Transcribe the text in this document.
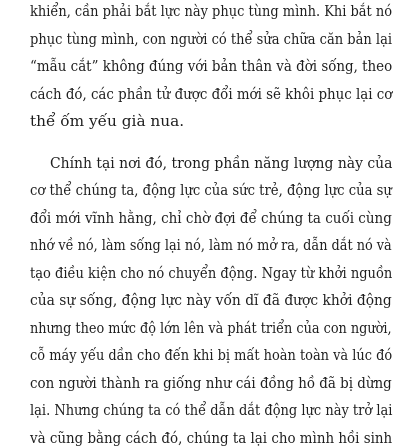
khiển, cần phải bắt lực này phục tùng mình. Khi bắt nó
phục tùng mình, con người có thể sửa chữa căn bản lại
“mẫu cắt” không đúng với bản thân và đời sống, theo
cách đó, các phần tử được đổi mới sẽ khôi phục lại cơ
thể ốm yếu già nua.
Chính tại nơi đó, trong phần năng lượng này của
cơ thể chúng ta, động lực của sức trẻ, động lực của sự
đổi mới vĩnh hằng, chỉ chờ đợi để chúng ta cuối cùng
nhớ về nó, làm sống lại nó, làm nó mở ra, dẫn dắt nó và
tạo điều kiện cho nó chuyển động. Ngay từ khởi nguồn
của sự sống, động lực này vốn dĩ đã được khởi động
nhưng theo mức độ lớn lên và phát triển của con người,
cỗ máy yếu dần cho đến khi bị mất hoàn toàn và lúc đó
con người thành ra giống như cái đồng hồ đã bị dừng
lại. Nhưng chúng ta có thể dẫn dắt động lực này trở lại
và cũng bằng cách đó, chúng ta lại cho mình hồi sinh
